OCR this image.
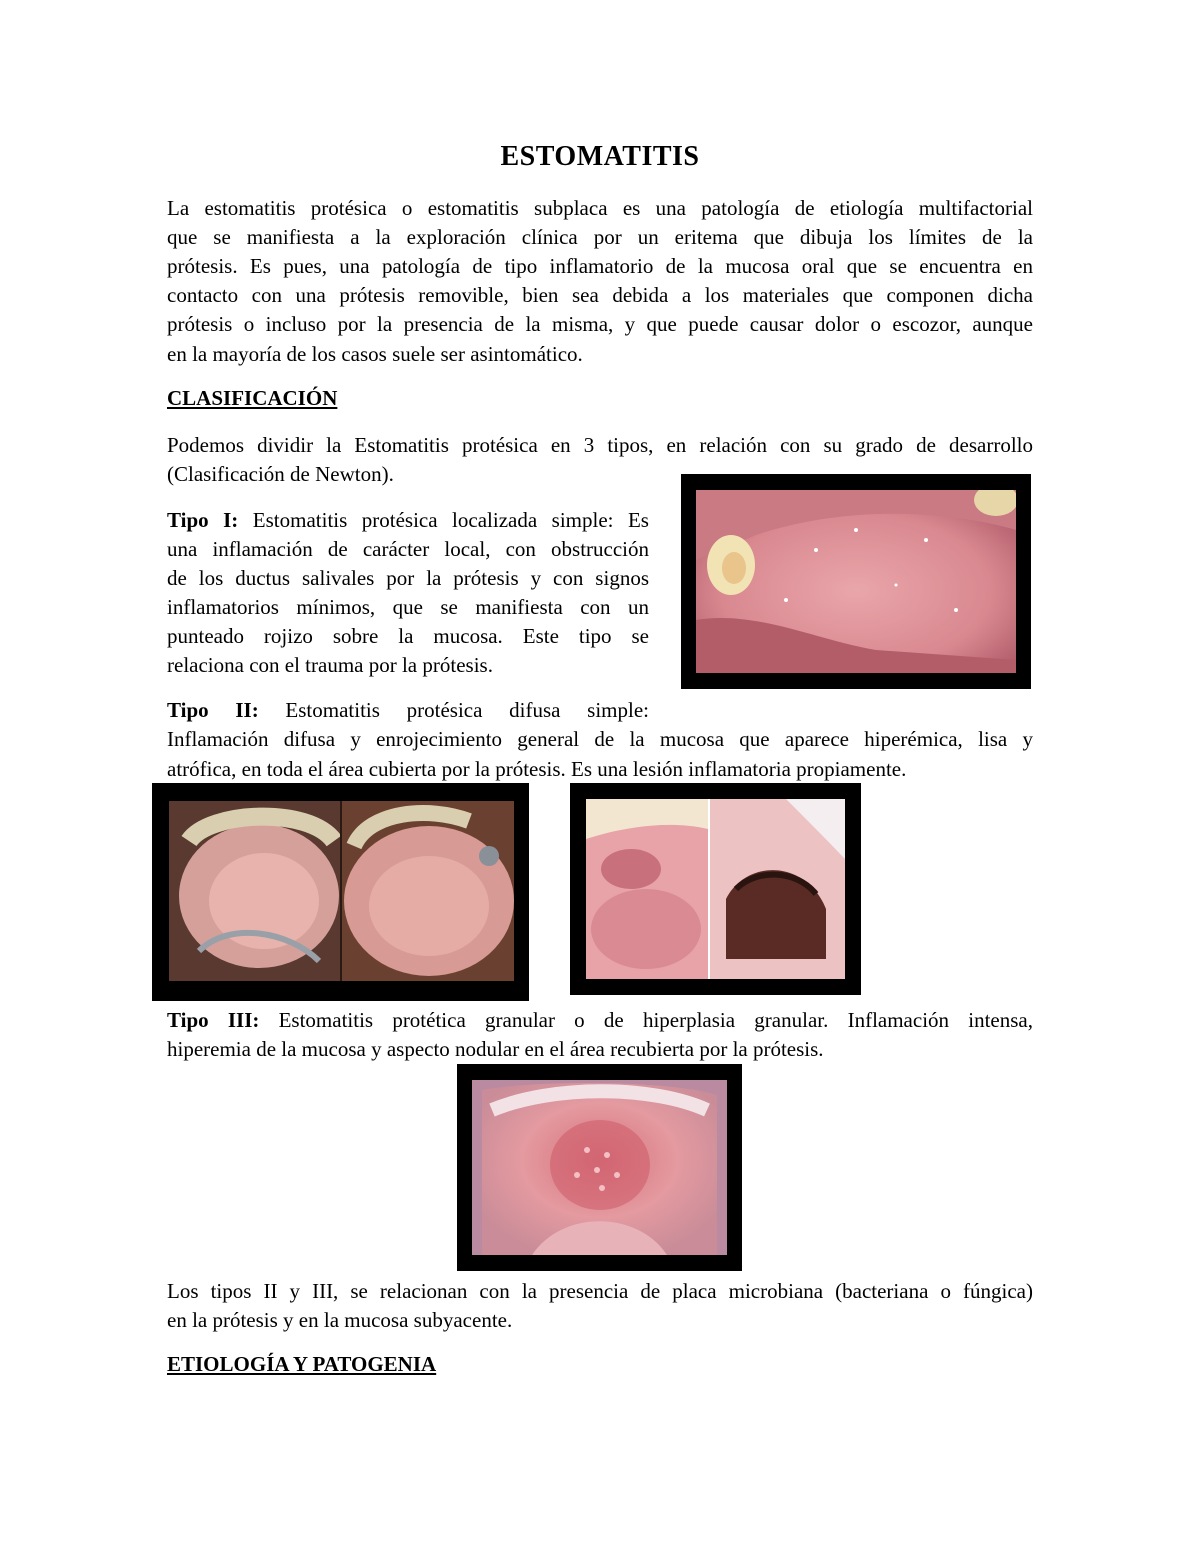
ESTOMATITIS
La estomatitis protésica o estomatitis subplaca es una patología de etiología multifactorial
que se manifiesta a la exploración clínica por un eritema que dibuja los límites de la
prótesis. Es pues, una patología de tipo inflamatorio de la mucosa oral que se encuentra en
contacto con una prótesis removible, bien sea debida a los materiales que componen dicha
prótesis o incluso por la presencia de la misma, y que puede causar dolor o escozor, aunque
en la mayoría de los casos suele ser asintomático.
CLASIFICACIÓN
Podemos dividir la Estomatitis protésica en 3 tipos, en relación con su grado de desarrollo
(Clasificación de Newton).
Tipo I: Estomatitis protésica localizada simple: Es
una inflamación de carácter local, con obstrucción
de los ductus salivales por la prótesis y con signos
inflamatorios mínimos, que se manifiesta con un
punteado rojizo sobre la mucosa. Este tipo se
relaciona con el trauma por la prótesis.
Tipo II: Estomatitis protésica difusa simple:
Inflamación difusa y enrojecimiento general de la mucosa que aparece hiperémica, lisa y
atrófica, en toda el área cubierta por la prótesis. Es una lesión inflamatoria propiamente.
Tipo III: Estomatitis protética granular o de hiperplasia granular. Inflamación intensa,
hiperemia de la mucosa y aspecto nodular en el área recubierta por la prótesis.
Los tipos II y III, se relacionan con la presencia de placa microbiana (bacteriana o fúngica)
en la prótesis y en la mucosa subyacente.
ETIOLOGÍA Y PATOGENIA
